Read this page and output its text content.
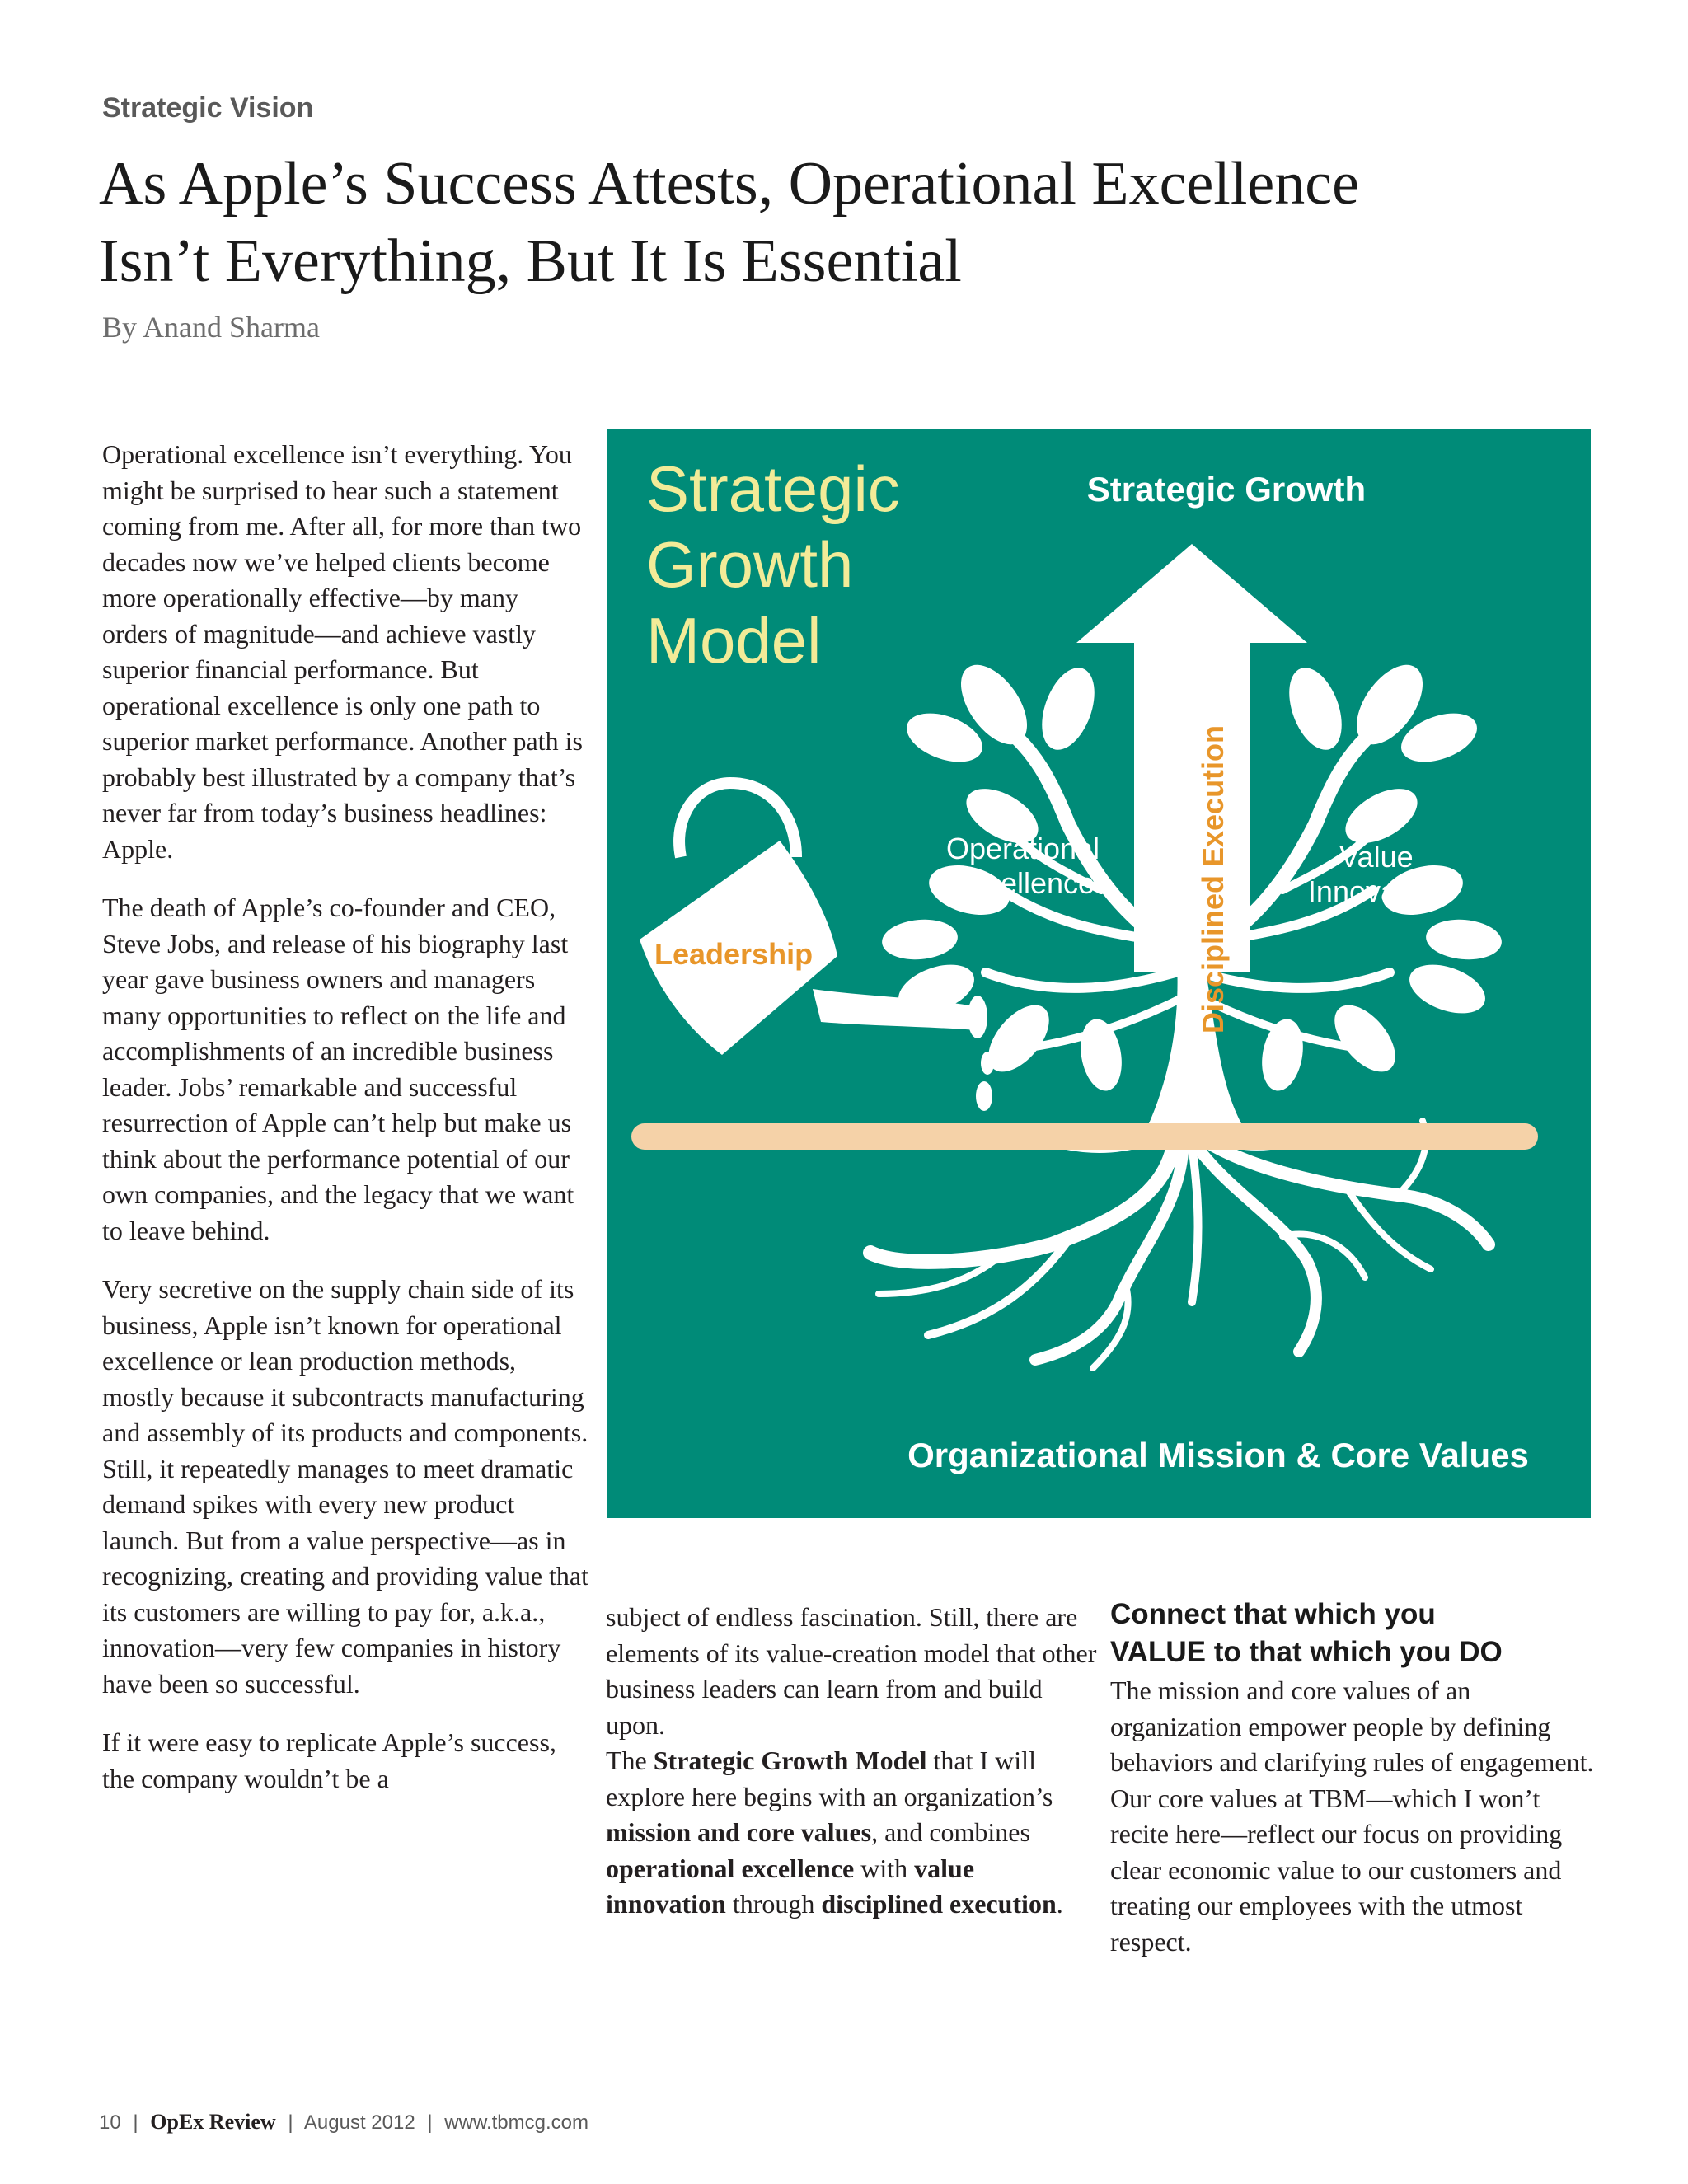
Strategic Vision
As Apple’s Success Attests, Operational Excellence
Isn’t Everything, But It Is Essential
By Anand Sharma

Operational excellence isn’t everything. You might be surprised to hear such a statement coming from me. After all, for more than two decades now we’ve helped clients become more operationally effective—by many orders of magnitude—and achieve vastly superior financial performance. But operational excellence is only one path to superior market performance. Another path is probably best illustrated by a company that’s never far from today’s business headlines: Apple.

The death of Apple’s co-founder and CEO, Steve Jobs, and release of his biography last year gave business owners and managers many opportunities to reflect on the life and accomplishments of an incredible business leader. Jobs’ remarkable and successful resurrection of Apple can’t help but make us think about the performance potential of our own companies, and the legacy that we want to leave behind.

Very secretive on the supply chain side of its business, Apple isn’t known for operational excellence or lean production methods, mostly because it subcontracts manufacturing and assembly of its products and components. Still, it repeatedly manages to meet dramatic demand spikes with every new product launch. But from a value perspective—as in recognizing, creating and providing value that its customers are willing to pay for, a.k.a., innovation—very few companies in history have been so successful.

If it were easy to replicate Apple’s success, the company wouldn’t be a

Strategic
Growth
Model
Strategic Growth
Disciplined Execution
Operational
Excellence
Value
Innovation
Leadership
Organizational Mission & Core Values

subject of endless fascination. Still, there are elements of its value-creation model that other business leaders can learn from and build upon.

The Strategic Growth Model that I will explore here begins with an organization’s mission and core values, and combines operational excellence with value innovation through disciplined execution.

Connect that which you
VALUE to that which you DO

The mission and core values of an organization empower people by defining behaviors and clarifying rules of engagement. Our core values at TBM—which I won’t recite here—reflect our focus on providing clear economic value to our customers and treating our employees with the utmost respect.

10 | OpEx Review | August 2012 | www.tbmcg.com
